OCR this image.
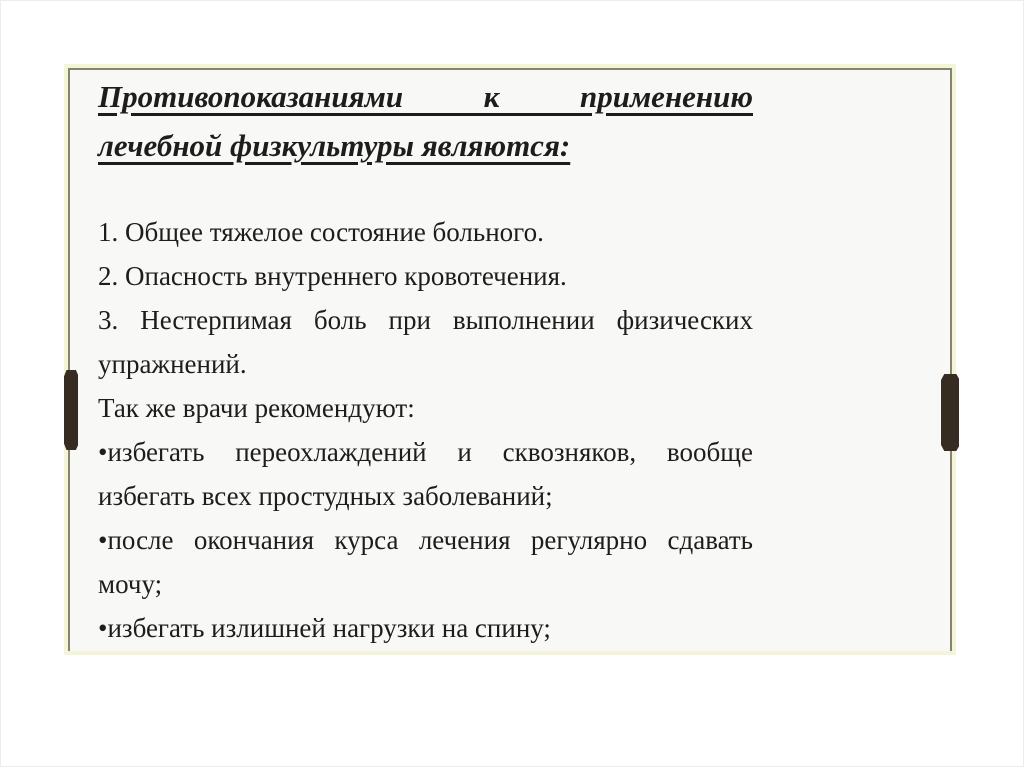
Противопоказаниями к применению
лечебной физкультуры являются:
1. Общее тяжелое состояние больного.
2. Опасность внутреннего кровотечения.
3. Нестерпимая боль при выполнении физических
упражнений.
Так же врачи рекомендуют:
•избегать переохлаждений и сквозняков, вообще
избегать всех простудных заболеваний;
•после окончания курса лечения регулярно сдавать
мочу;
•избегать излишней нагрузки на спину;
